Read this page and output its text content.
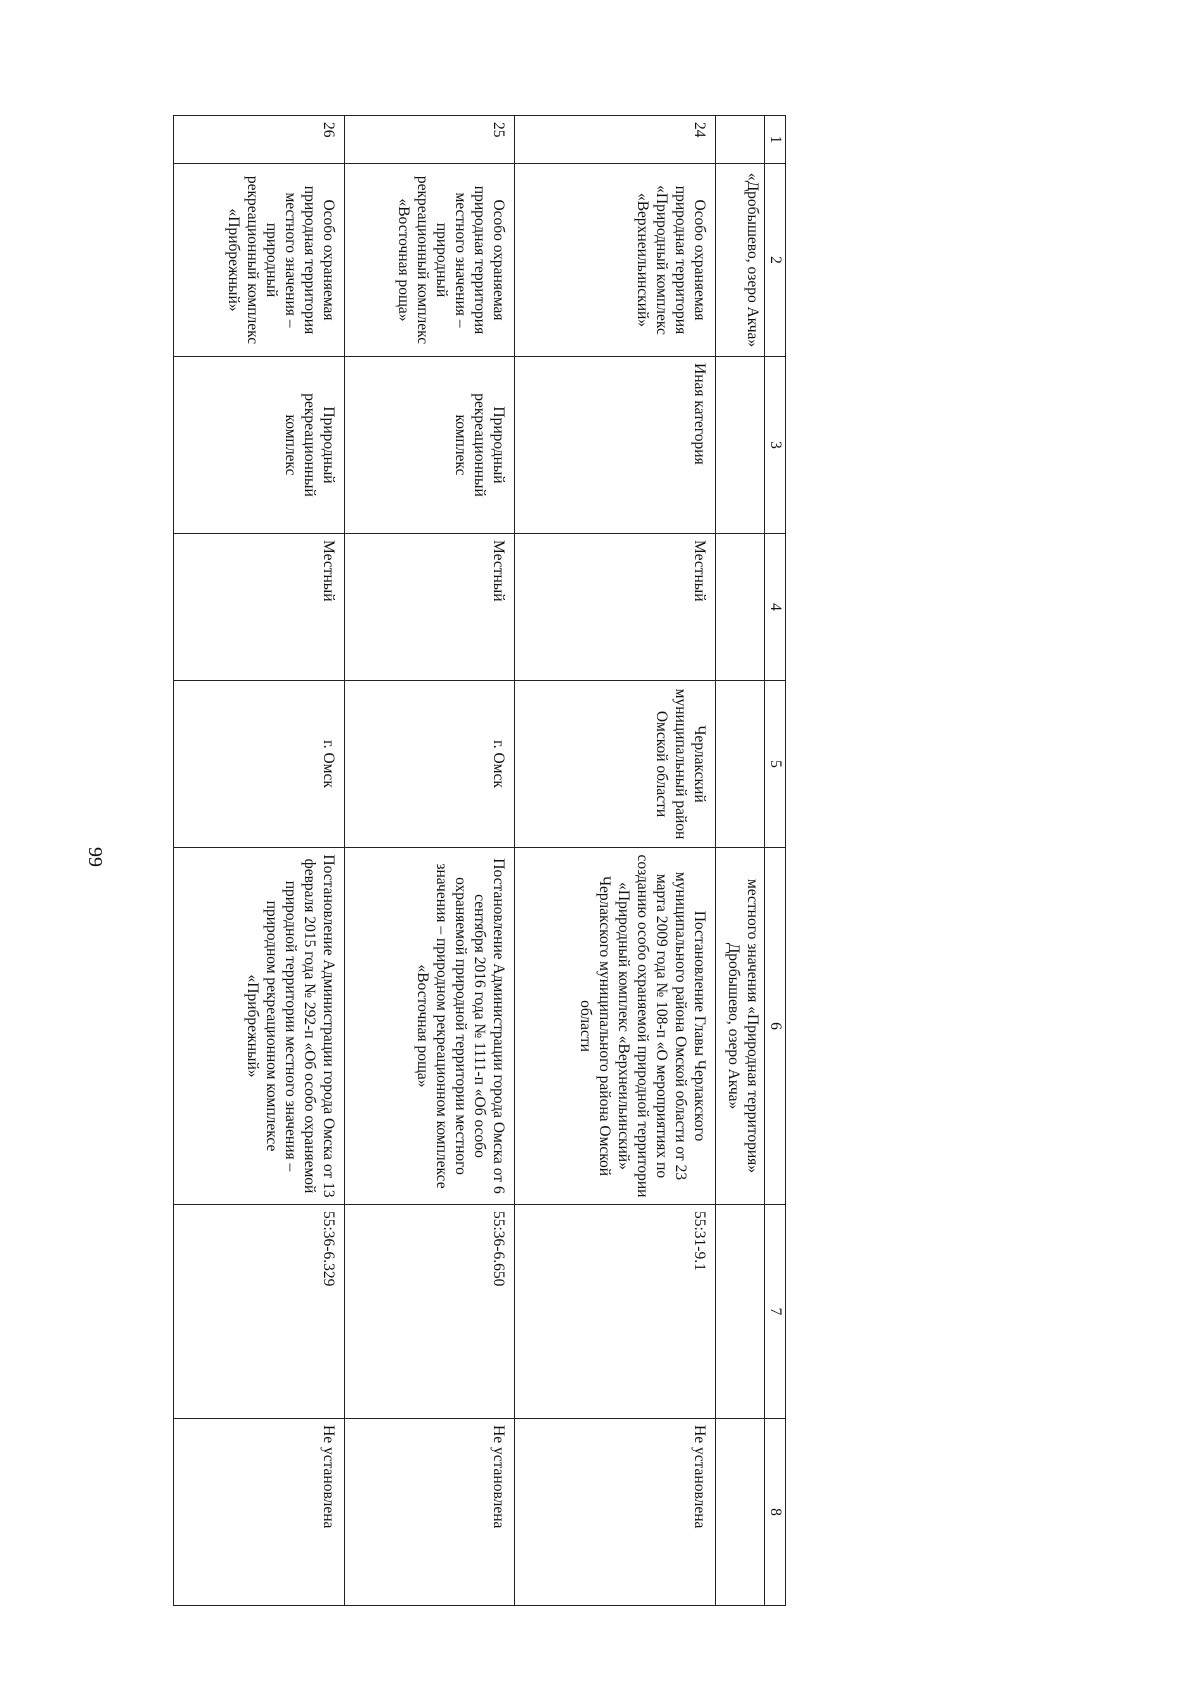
99
1	2	3	4	5	6	7	8
	«Дробышево, озеро Акча»				местного значения «Природная территория» Дробышево, озеро Акча»		
24	Особо охраняемая природная территория «Природный комплекс «Верхнеильинский»	Иная категория	Местный	Черлакский муниципальный район Омской области	Постановление Главы Черлакского муниципального района Омской области от 23 марта 2009 года № 108-п «О мероприятиях по созданию особо охраняемой природной территории «Природный комплекс «Верхнеильинский» Черлакского муниципального района Омской области	55:31-9.1	Не установлена
25	Особо охраняемая природная территория местного значения – природный рекреационный комплекс «Восточная роща»	Природный рекреационный комплекс	Местный	г. Омск	Постановление Администрации города Омска от 6 сентября 2016 года № 1111-п «Об особо охраняемой природной территории местного значения – природном рекреационном комплексе «Восточная роща»	55:36-6.650	Не установлена
26	Особо охраняемая природная территория местного значения – природный рекреационный комплекс «Прибрежный»	Природный рекреационный комплекс	Местный	г. Омск	Постановление Администрации города Омска от 13 февраля 2015 года № 292-п «Об особо охраняемой природной территории местного значения – природном рекреационном комплексе «Прибрежный»	55:36-6.329	Не установлена
